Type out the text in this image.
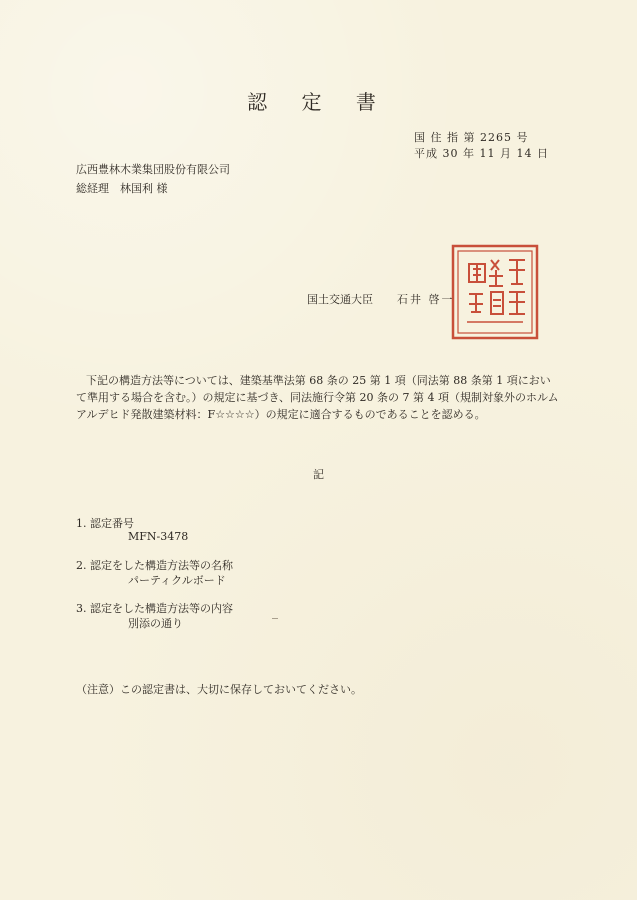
認 定 書
国 住 指 第 2265 号
平成 30 年 11 月 14 日
広西豊林木業集団股份有限公司
総経理　林国利 様
国土交通大臣 石井 啓一
下記の構造方法等については、建築基準法第 68 条の 25 第 1 項（同法第 88 条第 1 項において準用する場合を含む。）の規定に基づき、同法施行令第 20 条の 7 第 4 項（規制対象外のホルムアルデヒド発散建築材料：F☆☆☆☆）の規定に適合するものであることを認める。
記
1. 認定番号
MFN-3478
2. 認定をした構造方法等の名称
パーティクルボード
3. 認定をした構造方法等の内容
別添の通り
（注意）この認定書は、大切に保存しておいてください。
